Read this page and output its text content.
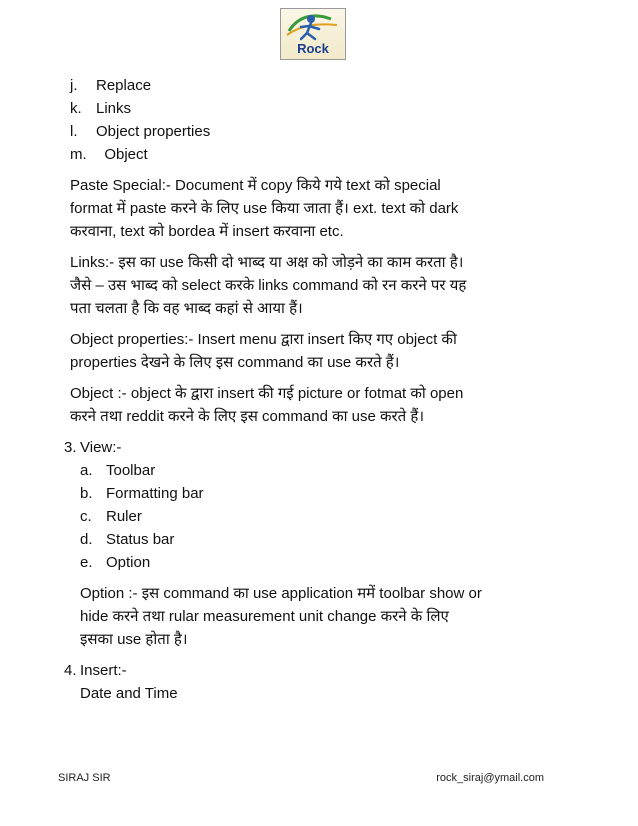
Rock
j.	Replace
k. Links
l.	Object properties
m. Object
Paste Special:- Document में copy किये गये text को special
format में paste करने के लिए use किया जाता हैं। ext. text को dark
करवाना, text को bordea में insert करवाना etc.
Links:- इस का use किसी दो भाब्द या अक्ष को जोड़ने का काम करता है।
जैसे – उस भाब्द को select करके links command को रन करने पर यह
पता चलता है कि वह भाब्द कहां से आया हैं।
Object properties:- Insert menu द्वारा insert किए गए object की
properties देखने के लिए इस command का use करते हैं।
Object :- object के द्वारा insert की गई picture or fotmat को open
करने तथा reddit करने के लिए इस command का use करते हैं।
3. View:-
a. Toolbar
b. Formatting bar
c. Ruler
d. Status bar
e. Option
Option :- इस command का use application ममें toolbar show or
hide करने तथा rular measurement unit change करने के लिए
इसका use होता है।
4. Insert:-
Date and Time
SIRAJ SIR	rock_siraj@ymail.com
